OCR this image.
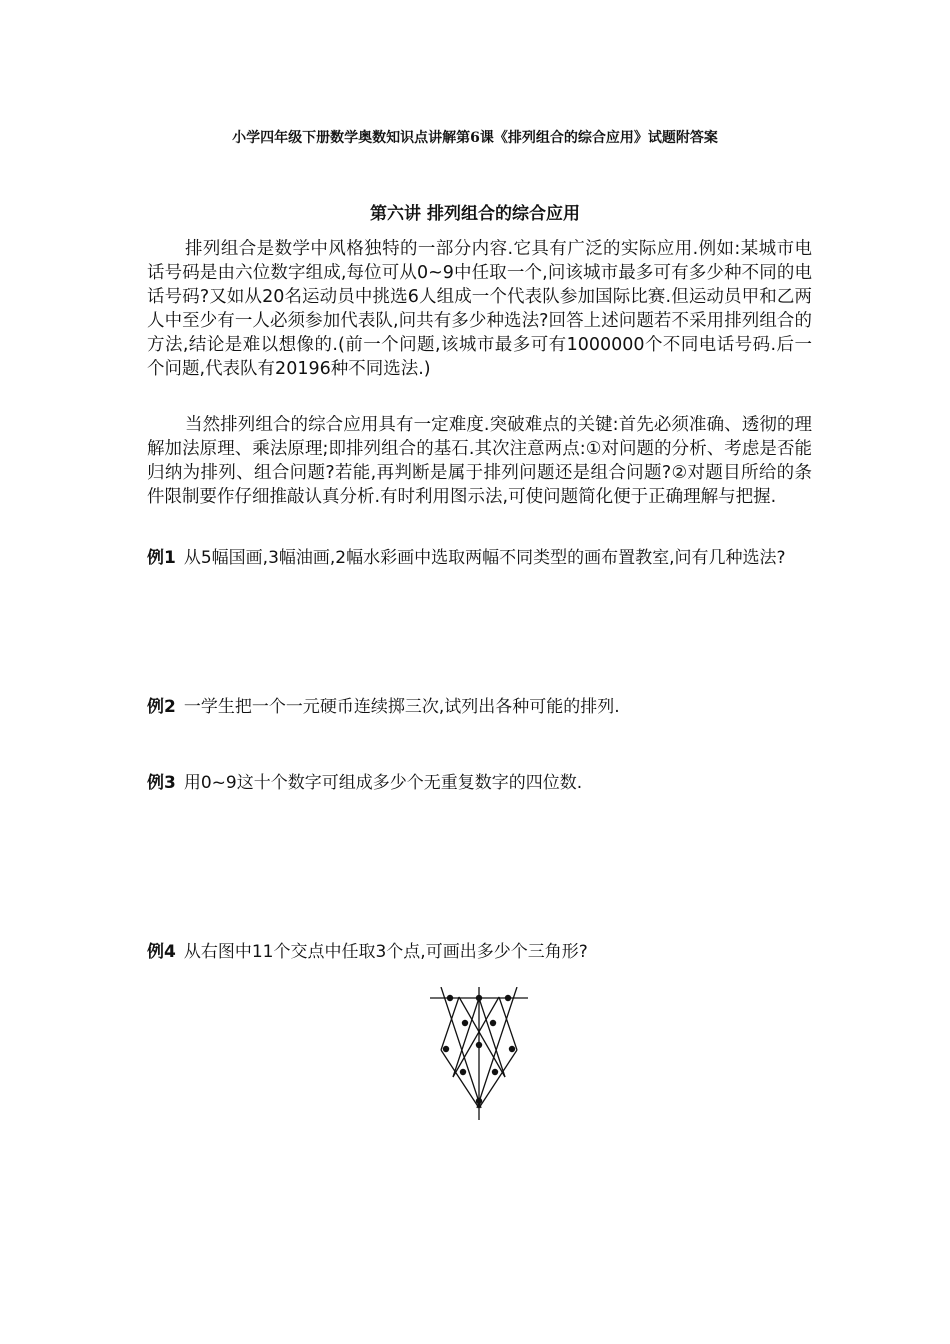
小学四年级下册数学奥数知识点讲解第6课《排列组合的综合应用》试题附答案
第六讲 排列组合的综合应用

排列组合是数学中风格独特的一部分内容.它具有广泛的实际应用.例如:某城市电话号码是由六位数字组成,每位可从0~9中任取一个,问该城市最多可有多少种不同的电话号码?又如从20名运动员中挑选6人组成一个代表队参加国际比赛.但运动员甲和乙两人中至少有一人必须参加代表队,问共有多少种选法?回答上述问题若不采用排列组合的方法,结论是难以想像的.(前一个问题,该城市最多可有1000000个不同电话号码.后一个问题,代表队有20196种不同选法.)

当然排列组合的综合应用具有一定难度.突破难点的关键:首先必须准确、透彻的理解加法原理、乘法原理;即排列组合的基石.其次注意两点:①对问题的分析、考虑是否能归纳为排列、组合问题?若能,再判断是属于排列问题还是组合问题?②对题目所给的条件限制要作仔细推敲认真分析.有时利用图示法,可使问题简化便于正确理解与把握.

例1 从5幅国画,3幅油画,2幅水彩画中选取两幅不同类型的画布置教室,问有几种选法?

例2 一学生把一个一元硬币连续掷三次,试列出各种可能的排列.

例3 用0~9这十个数字可组成多少个无重复数字的四位数.

例4 从右图中11个交点中任取3个点,可画出多少个三角形?
